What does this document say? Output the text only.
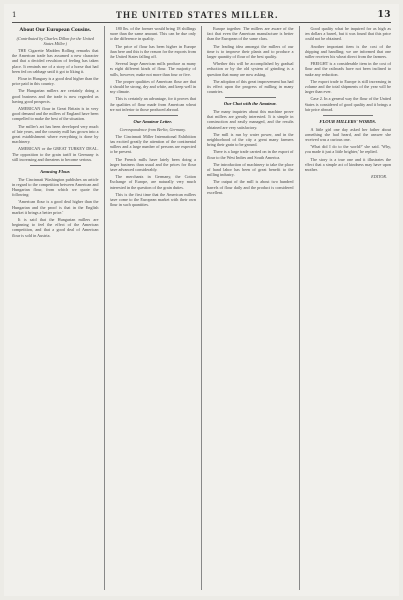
1	THE UNITED STATES MILLER.	13
About Our European Cousins.
(Contributed by Charles Dillon for the United States Miller.)

THE Cigarette Madden Rolling remarks that the American trade has assumed a new character and that a decided revulsion of feeling has taken place. It reminds me of a story of a horse that had been fed on cabbage until it got to liking it.

Flour in Hungary is a good deal higher than the price paid in this country.

The Hungarian millers are certainly doing a good business and the trade is now regarded as having good prospects.

AMERICAN flour in Great Britain is in very good demand and the millers of England have been compelled to make the best of the situation.

The miller's art has been developed very much of late years, and the country mill has grown into a great establishment where everything is done by machinery.

AMERICAN or the GREAT TURKEY DEAL. The opposition to the grain tariff in Germany is still increasing and threatens to become serious.

Amusing Flour.

The Cincinnati Washington publishes an article in regard to the competition between American and Hungarian flour, from which we quote the following:

'American flour is a good deal higher than the Hungarian and the proof is that in the English market it brings a better price.'

It is said that the Hungarian millers are beginning to feel the effect of the American competition, and that a good deal of American flour is sold in Austria.

180 lbs. of the former would bring 18 shillings more than the same amount. This can be due only to the difference in quality.

The price of flour has been higher in Europe than here and this is the reason for the exports from the United States falling off.

Several large American mills produce as many as eight different kinds of flour. The majority of mills, however, make not more than four or five.

The proper qualities of American flour are that it should be strong, dry and white, and keep well in any climate.

This is certainly an advantage, for it proves that the qualities of flour made from American wheat are not inferior to those produced abroad.

Our Amateur Letter.
Correspondence from Berlin, Germany.

The Cincinnati Miller International Exhibition has excited greatly the attention of the continental millers and a large number of persons are expected to be present.

The French mills have lately been doing a larger business than usual and the prices for flour have advanced considerably.

The merchants in Germany, the Cotton Exchange of Europe, are naturally very much interested in the question of the grain duties.

This is the first time that the American millers have come to the European market with their own flour in such quantities.

Europe together. The millers are aware of the fact that even the American manufacture is better than the European of the same class.

The leading idea amongst the millers of our time is to improve their plants and to produce a larger quantity of flour of the best quality.

Whether this will be accomplished by gradual reduction or by the old system of grinding is a question that many are now asking.

The adoption of this great improvement has had its effect upon the progress of milling in many countries.

Our Chat with the Amateur.

The many inquiries about this machine prove that millers are greatly interested. It is simple in construction and easily managed, and the results obtained are very satisfactory.

The mill is run by water power, and in the neighborhood of the city a great many farmers bring their grain to be ground.

There is a large trade carried on in the export of flour to the West Indies and South America.

The introduction of machinery to take the place of hand labor has been of great benefit to the milling industry.

The output of the mill is about two hundred barrels of flour daily and the product is considered excellent.

Good quality what he inquired for as high as ten dollars a barrel, but it was found that this price could not be obtained.

Another important item is the cost of the shipping and handling; we are informed that one miller receives his wheat direct from the farmers.

FREIGHT is a considerable item in the cost of flour and the railroads have not been inclined to make any reduction.

The export trade to Europe is still increasing in volume and the total shipments of the year will be larger than ever.

Case 2. In a general way the flour of the United States is considered of good quality and it brings a fair price abroad.

FLOUR MILLERS' WORDS.

A little girl one day asked her father about something she had heard, and the answer she received was a curious one.

'What did I do to the world?' she said. 'Why, you made it just a little brighter,' he replied.

The story is a true one and it illustrates the effect that a simple act of kindness may have upon another.

EDITOR.
